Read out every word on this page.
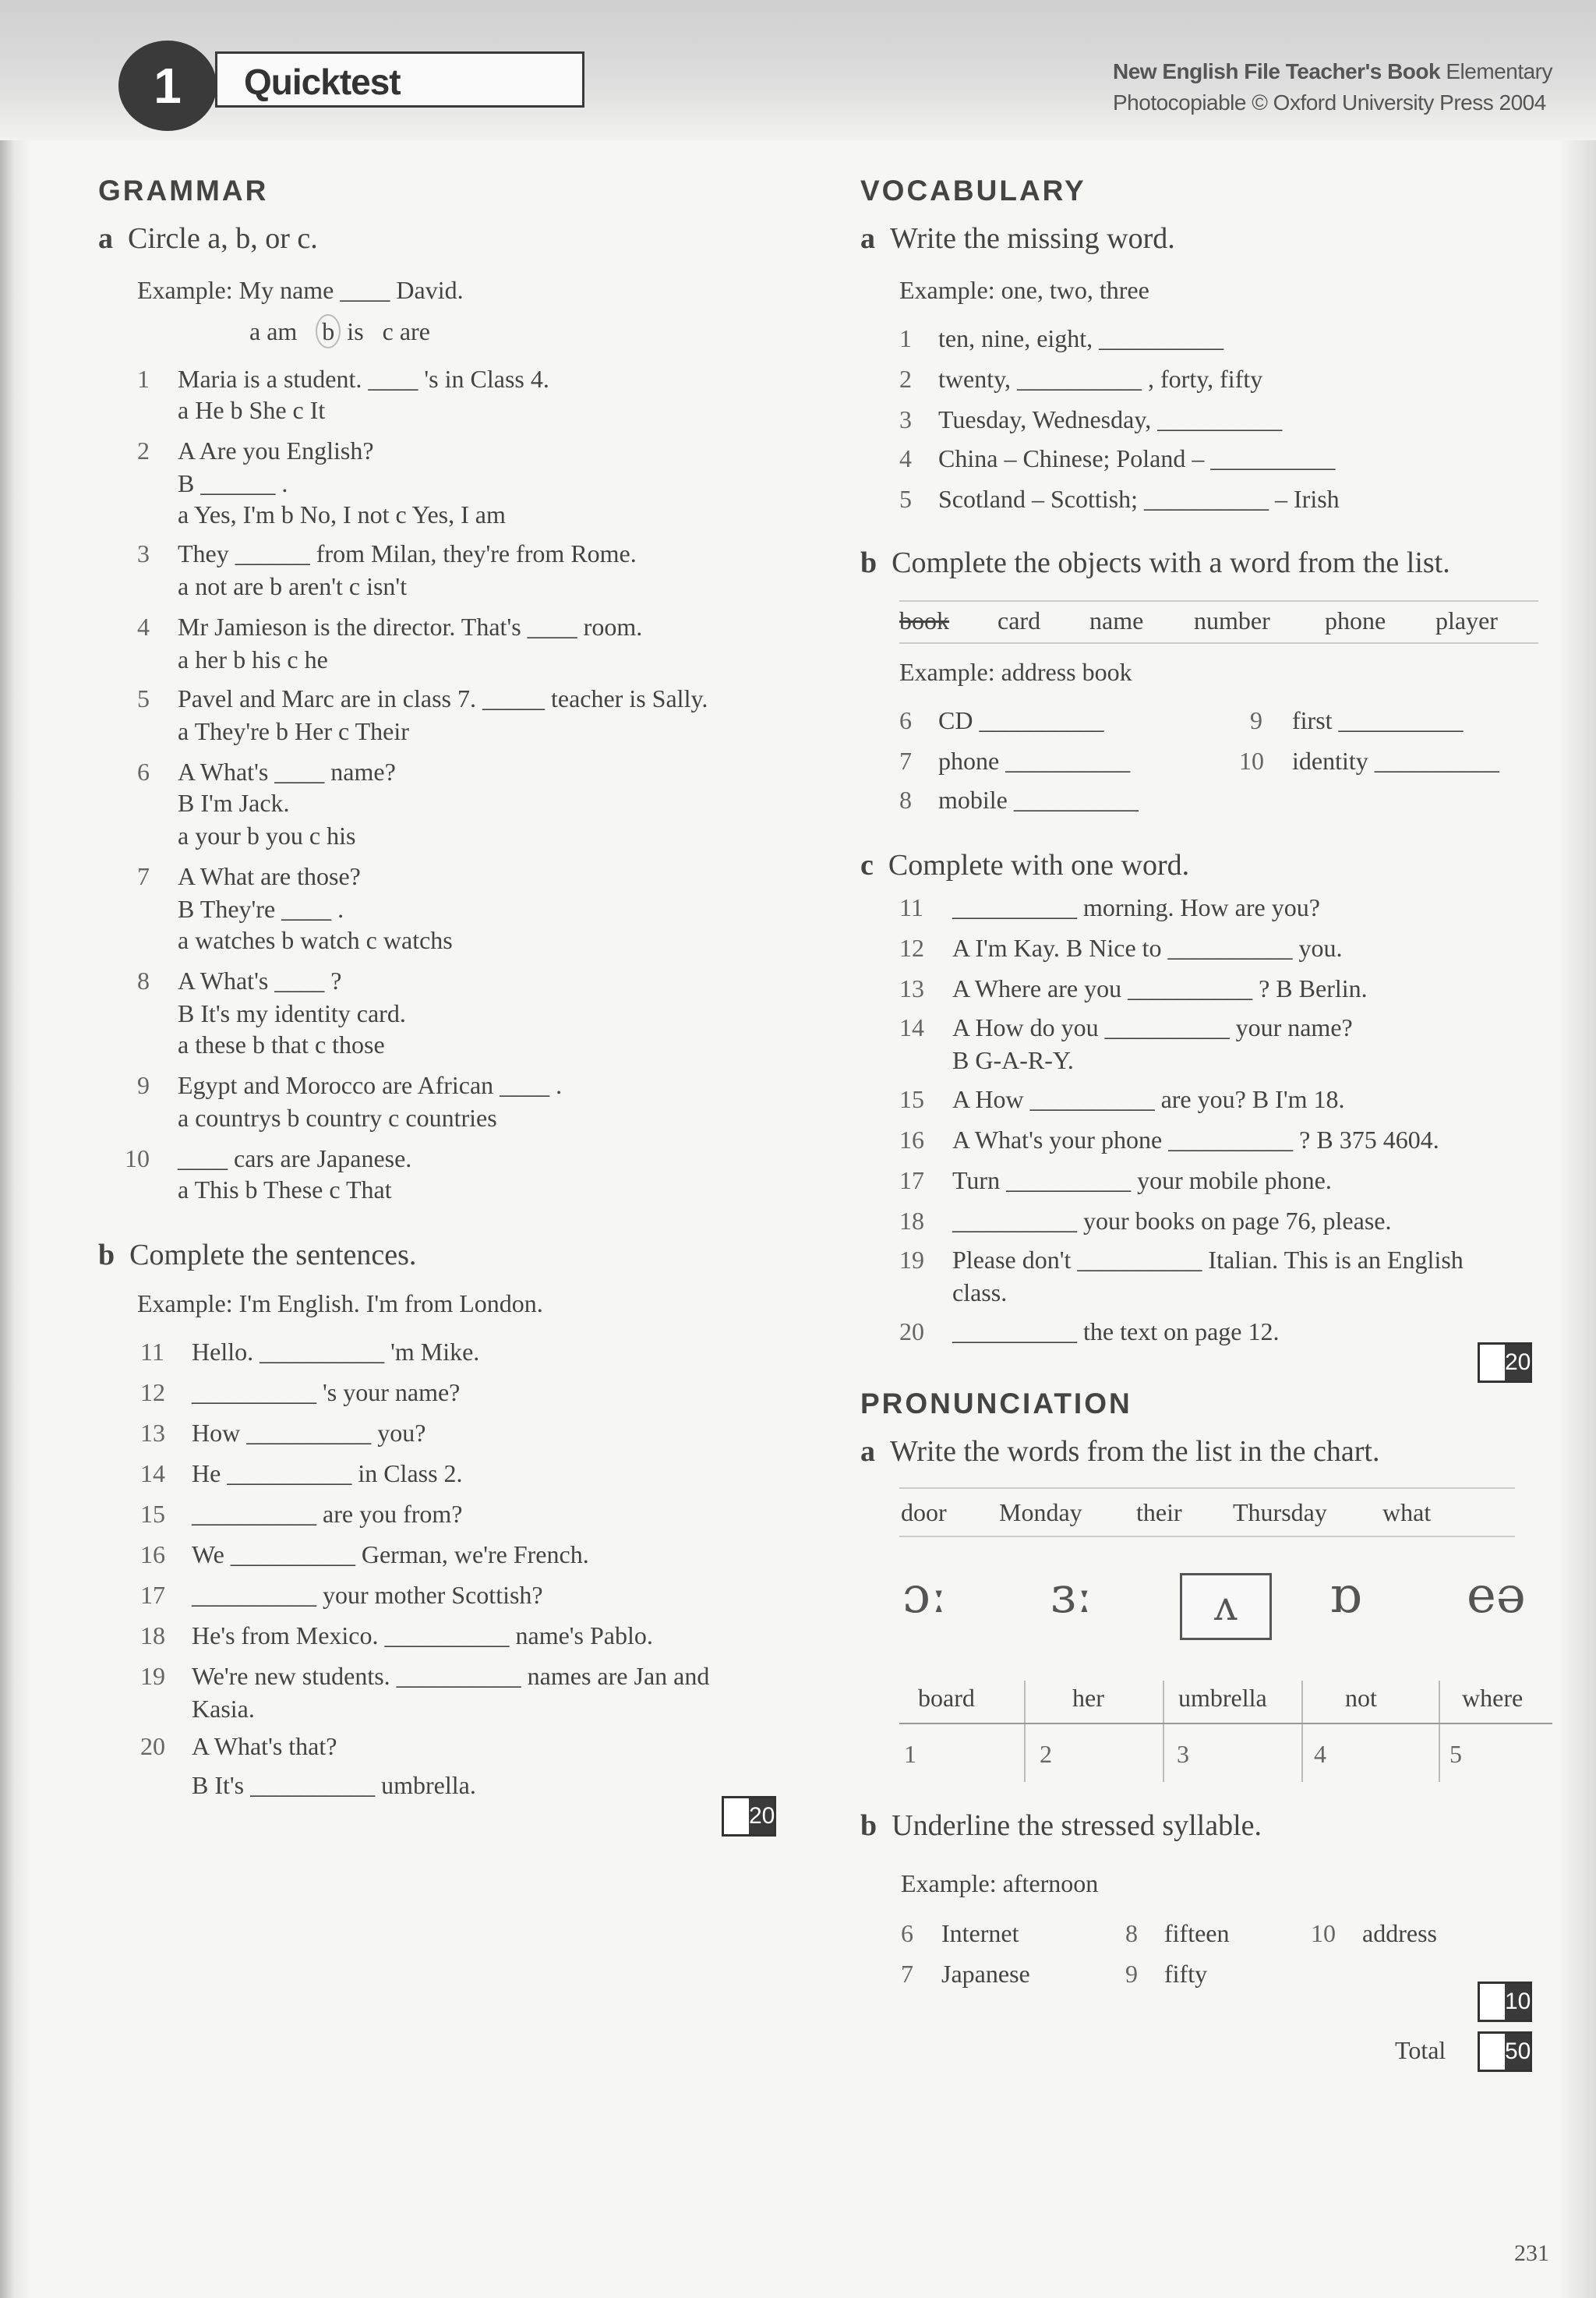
1	Quicktest	New English File Teacher's Book Elementary
Photocopiable © Oxford University Press 2004
GRAMMAR
a Circle a, b, or c.
Example: My name ____ David.
a am b is c are
1 Maria is a student. ____ 's in Class 4.
a He b She c It
2 A Are you English?
B ______ .
a Yes, I'm b No, I not c Yes, I am
3 They ______ from Milan, they're from Rome.
a not are b aren't c isn't
4 Mr Jamieson is the director. That's ____ room.
a her b his c he
5 Pavel and Marc are in class 7. _____ teacher is Sally.
a They're b Her c Their
6 A What's ____ name?
B I'm Jack.
a your b you c his
7 A What are those?
B They're ____ .
a watches b watch c watchs
8 A What's ____ ?
B It's my identity card.
a these b that c those
9 Egypt and Morocco are African ____ .
a countrys b country c countries
10 ____ cars are Japanese.
a This b These c That
b Complete the sentences.
Example: I'm English. I'm from London.
11 Hello. __________ 'm Mike.
12 __________ 's your name?
13 How __________ you?
14 He __________ in Class 2.
15 __________ are you from?
16 We __________ German, we're French.
17 __________ your mother Scottish?
18 He's from Mexico. __________ name's Pablo.
19 We're new students. __________ names are Jan and
Kasia.
20 A What's that?
B It's __________ umbrella.
20
VOCABULARY
a Write the missing word.
Example: one, two, three
1 ten, nine, eight, __________
2 twenty, __________ , forty, fifty
3 Tuesday, Wednesday, __________
4 China – Chinese; Poland – __________
5 Scotland – Scottish; __________ – Irish
b Complete the objects with a word from the list.
book card name number phone player
Example: address book
6 CD __________
7 phone __________
8 mobile __________
9 first __________
10 identity __________
c Complete with one word.
11 __________ morning. How are you?
12 A I'm Kay. B Nice to __________ you.
13 A Where are you __________ ? B Berlin.
14 A How do you __________ your name?
B G-A-R-Y.
15 A How __________ are you? B I'm 18.
16 A What's your phone __________ ? B 375 4604.
17 Turn __________ your mobile phone.
18 __________ your books on page 76, please.
19 Please don't __________ Italian. This is an English
class.
20 __________ the text on page 12.
20
PRONUNCIATION
a Write the words from the list in the chart.
door Monday their Thursday what
ɔː ɜː	ʌ	ɒ eə
board	her	umbrella	not	where
1	2	3	4	5
b Underline the stressed syllable.
Example: afternoon
6 Internet
7 Japanese
8 fifteen
9 fifty
10 address
10
Total	50
231
